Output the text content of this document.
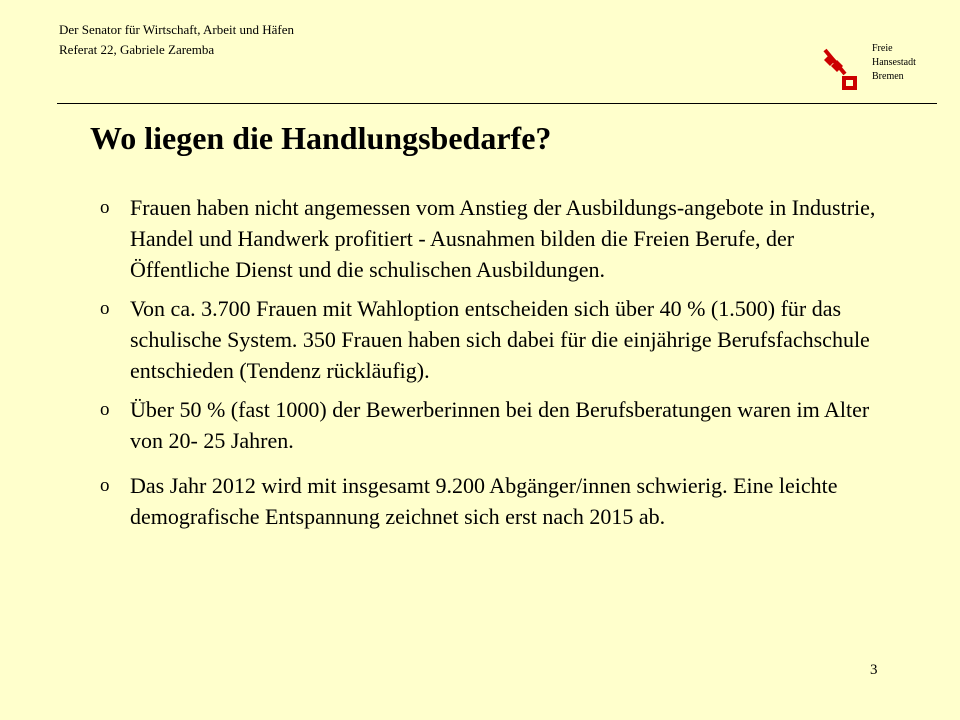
Der Senator für Wirtschaft, Arbeit und Häfen
Referat 22, Gabriele Zaremba	Freie
Hansestadt
Bremen
Wo liegen die Handlungsbedarfe?
o Frauen haben nicht angemessen vom Anstieg der Ausbildungs-angebote in Industrie, Handel und Handwerk profitiert - Ausnahmen bilden die Freien Berufe, der Öffentliche Dienst und die schulischen Ausbildungen.
o Von ca. 3.700 Frauen mit Wahloption entscheiden sich über 40 % (1.500) für das schulische System. 350 Frauen haben sich dabei für die einjährige Berufsfachschule entschieden (Tendenz rückläufig).
o Über 50 % (fast 1000) der Bewerberinnen bei den Berufsberatungen waren im Alter von 20- 25 Jahren.
o Das Jahr 2012 wird mit insgesamt 9.200 Abgänger/innen schwierig. Eine leichte demografische Entspannung zeichnet sich erst nach 2015 ab.
3
